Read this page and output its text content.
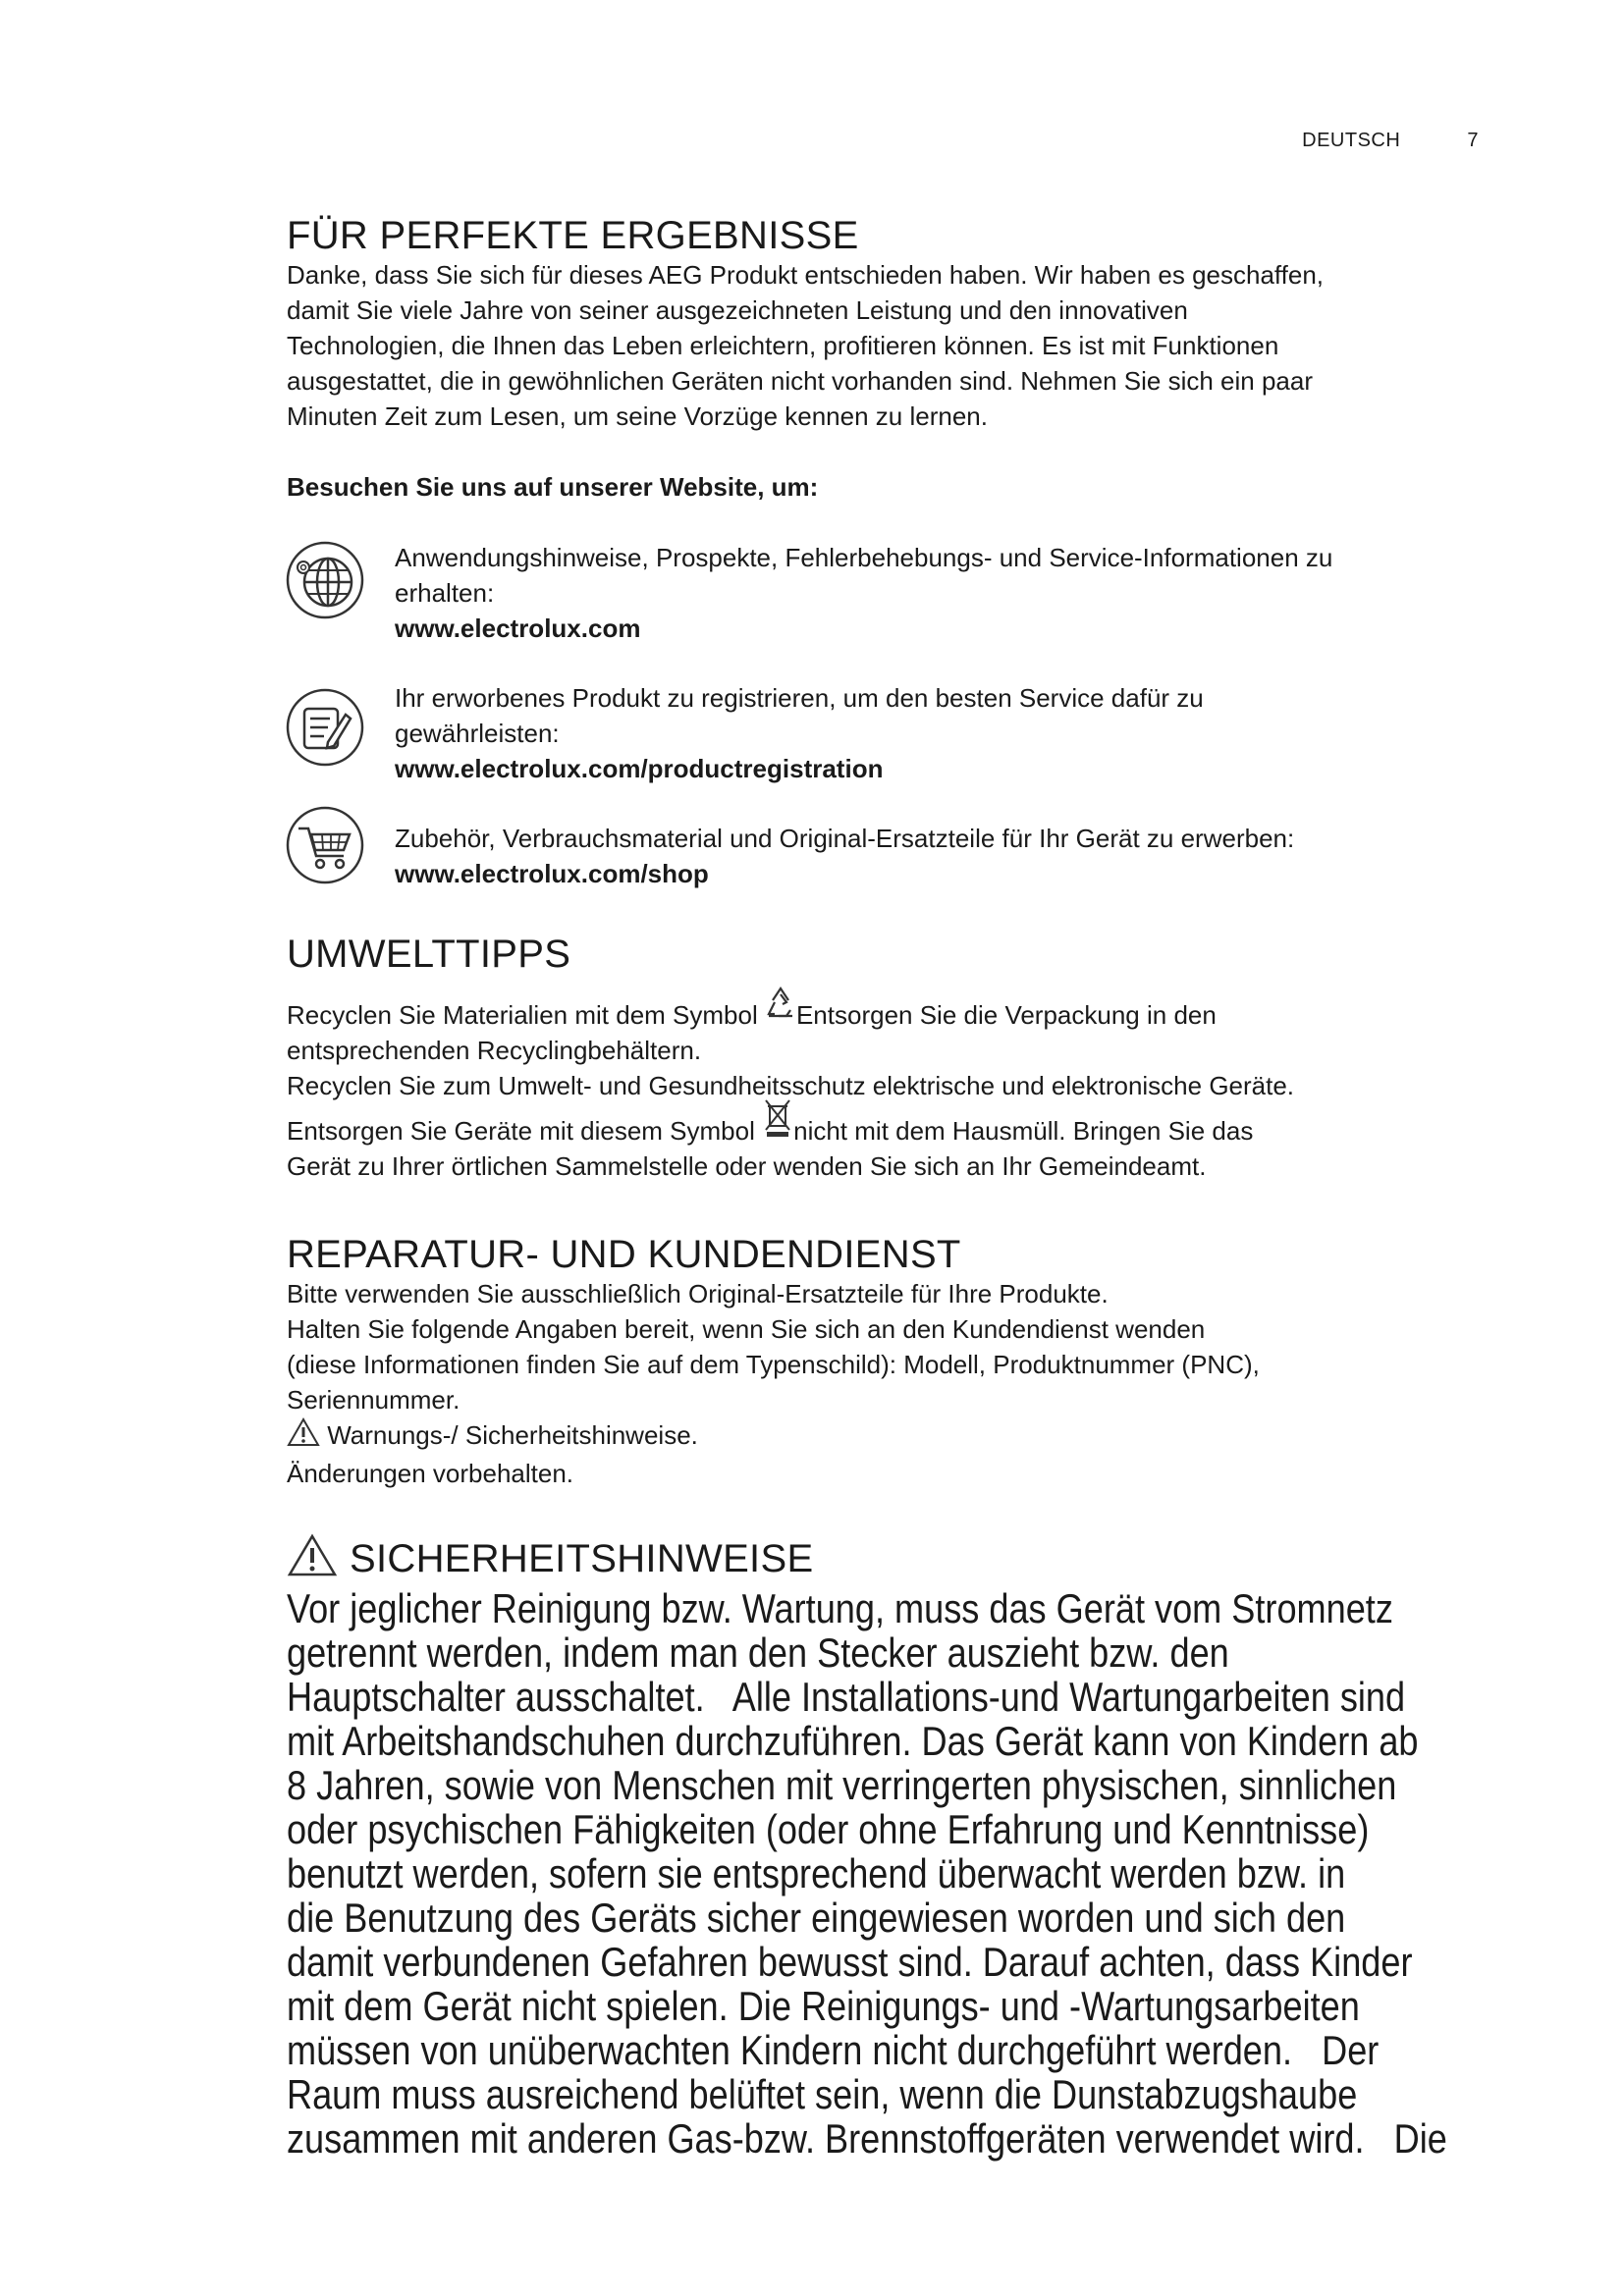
DEUTSCH	7
FÜR PERFEKTE ERGEBNISSE
Danke, dass Sie sich für dieses AEG Produkt entschieden haben. Wir haben es geschaffen,
damit Sie viele Jahre von seiner ausgezeichneten Leistung und den innovativen
Technologien, die Ihnen das Leben erleichtern, profitieren können. Es ist mit Funktionen
ausgestattet, die in gewöhnlichen Geräten nicht vorhanden sind. Nehmen Sie sich ein paar
Minuten Zeit zum Lesen, um seine Vorzüge kennen zu lernen.
Besuchen Sie uns auf unserer Website, um:
Anwendungshinweise, Prospekte, Fehlerbehebungs- und Service-Informationen zu
erhalten:
www.electrolux.com
Ihr erworbenes Produkt zu registrieren, um den besten Service dafür zu
gewährleisten:
www.electrolux.com/productregistration
Zubehör, Verbrauchsmaterial und Original-Ersatzteile für Ihr Gerät zu erwerben:
www.electrolux.com/shop
UMWELTTIPPS
Recyclen Sie Materialien mit dem Symbol
Entsorgen Sie die Verpackung in den
entsprechenden Recyclingbehältern.
Recyclen Sie zum Umwelt- und Gesundheitsschutz elektrische und elektronische Geräte.
Entsorgen Sie Geräte mit diesem Symbol
nicht mit dem Hausmüll. Bringen Sie das
Gerät zu Ihrer örtlichen Sammelstelle oder wenden Sie sich an Ihr Gemeindeamt.
REPARATUR- UND KUNDENDIENST
Bitte verwenden Sie ausschließlich Original-Ersatzteile für Ihre Produkte.
Halten Sie folgende Angaben bereit, wenn Sie sich an den Kundendienst wenden
(diese Informationen finden Sie auf dem Typenschild): Modell, Produktnummer (PNC),
Seriennummer.
Warnungs-/ Sicherheitshinweise.
Änderungen vorbehalten.
SICHERHEITSHINWEISE
Vor jeglicher Reinigung bzw. Wartung, muss das Gerät vom Stromnetz
getrennt werden, indem man den Stecker auszieht bzw. den
Hauptschalter ausschaltet.   Alle Installations-und Wartungarbeiten sind
mit Arbeitshandschuhen durchzuführen. Das Gerät kann von Kindern ab
8 Jahren, sowie von Menschen mit verringerten physischen, sinnlichen
oder psychischen Fähigkeiten (oder ohne Erfahrung und Kenntnisse)
benutzt werden, sofern sie entsprechend überwacht werden bzw. in
die Benutzung des Geräts sicher eingewiesen worden und sich den
damit verbundenen Gefahren bewusst sind. Darauf achten, dass Kinder
mit dem Gerät nicht spielen. Die Reinigungs- und -Wartungsarbeiten
müssen von unüberwachten Kindern nicht durchgeführt werden.   Der
Raum muss ausreichend belüftet sein, wenn die Dunstabzugshaube
zusammen mit anderen Gas-bzw. Brennstoffgeräten verwendet wird.   Die
